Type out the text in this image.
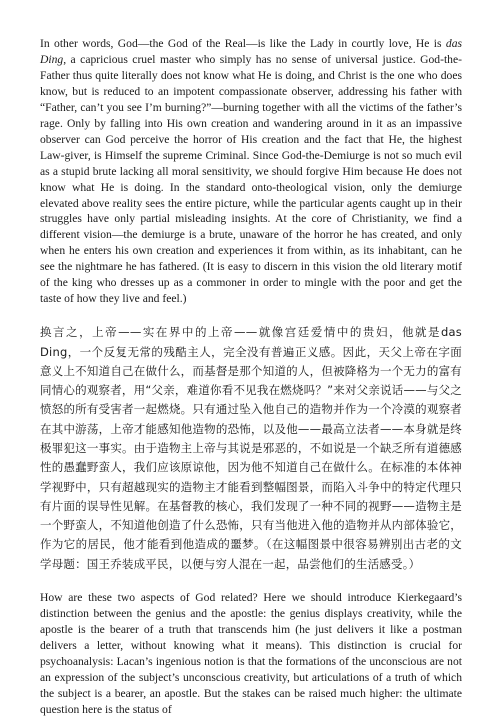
In other words, God—the God of the Real—is like the Lady in courtly love, He is das Ding, a capricious cruel master who simply has no sense of universal justice. God-the-Father thus quite literally does not know what He is doing, and Christ is the one who does know, but is reduced to an impotent compassionate observer, addressing his father with “Father, can’t you see I’m burning?”—burning together with all the victims of the father’s rage. Only by falling into His own creation and wandering around in it as an impassive observer can God perceive the horror of His creation and the fact that He, the highest Law-giver, is Himself the supreme Criminal. Since God-the-Demiurge is not so much evil as a stupid brute lacking all moral sensitivity, we should forgive Him because He does not know what He is doing. In the standard onto-theological vision, only the demiurge elevated above reality sees the entire picture, while the particular agents caught up in their struggles have only partial misleading insights. At the core of Christianity, we find a different vision—the demiurge is a brute, unaware of the horror he has created, and only when he enters his own creation and experiences it from within, as its inhabitant, can he see the nightmare he has fathered. (It is easy to discern in this vision the old literary motif of the king who dresses up as a commoner in order to mingle with the poor and get the taste of how they live and feel.)

换言之，上帝——实在界中的上帝——就像宫廷爱情中的贵妇，他就是das Ding，一个反复无常的残酷主人，完全没有普遍正义感。因此，天父上帝在字面意义上不知道自己在做什么，而基督是那个知道的人，但被降格为一个无力的富有同情心的观察者，用“父亲，难道你看不见我在燃烧吗？”来对父亲说话——与父之愤怒的所有受害者一起燃烧。只有通过坠入他自己的造物并作为一个冷漠的观察者在其中游荡，上帝才能感知他造物的恐怖，以及他——最高立法者——本身就是终极罪犯这一事实。由于造物主上帝与其说是邪恶的，不如说是一个缺乏所有道德感性的愚蠢野蛮人，我们应该原谅他，因为他不知道自己在做什么。在标准的本体神学视野中，只有超越现实的造物主才能看到整幅图景，而陷入斗争中的特定代理只有片面的误导性见解。在基督教的核心，我们发现了一种不同的视野——造物主是一个野蛮人，不知道他创造了什么恐怖，只有当他进入他的造物并从内部体验它，作为它的居民，他才能看到他造成的噩梦。（在这幅图景中很容易辨别出古老的文学母题：国王乔装成平民，以便与穷人混在一起，品尝他们的生活感受。）

How are these two aspects of God related? Here we should introduce Kierkegaard’s distinction between the genius and the apostle: the genius displays creativity, while the apostle is the bearer of a truth that transcends him (he just delivers it like a postman delivers a letter, without knowing what it means). This distinction is crucial for psychoanalysis: Lacan’s ingenious notion is that the formations of the unconscious are not an expression of the subject’s unconscious creativity, but articulations of a truth of which the subject is a bearer, an apostle. But the stakes can be raised much higher: the ultimate question here is the status of
